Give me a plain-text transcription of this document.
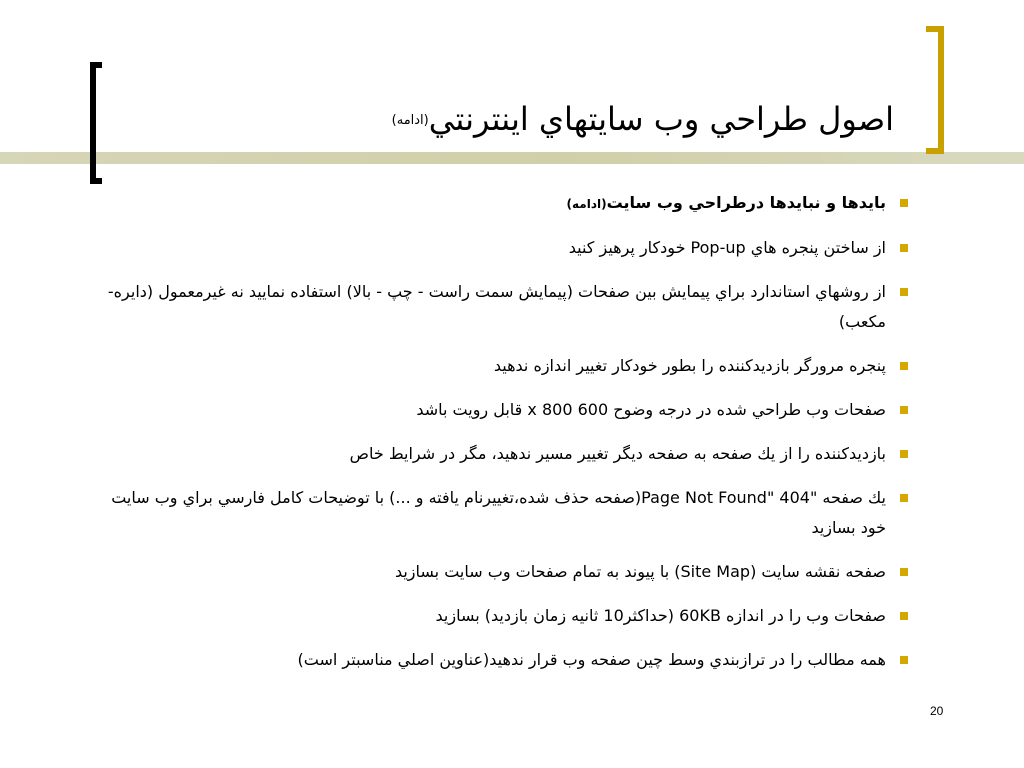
اصول طراحي وب سايتهاي اينترنتي$^{(ادامه)}$
بايدها و نبايدها درطراحي وب سايت(ادامه)
از ساختن پنجره هاي Pop-up خودكار پرهيز كنيد
از روشهاي استاندارد براي پيمايش بين صفحات (پيمايش سمت راست - چپ - بالا) استفاده نماييد نه غيرمعمول (دايره- مكعب)
پنجره مرورگر بازديدكننده را بطور خودكار تغيير اندازه ندهيد
صفحات وب طراحي شده در درجه وضوح 600 x 800 قابل رويت باشد
بازديدكننده را از يك صفحه به صفحه ديگر تغيير مسير ندهيد، مگر در شرايط خاص
يك صفحه "Page Not Found" 404(صفحه حذف شده،تغييرنام يافته و ...) با توضيحات كامل فارسي براي وب سايت خود بسازيد
صفحه نقشه سايت (Site Map) با پيوند به تمام صفحات وب سايت بسازيد
صفحات وب را در اندازه 60KB (حداكثر10 ثانيه زمان بازديد) بسازيد
همه مطالب را در ترازبندي وسط چين صفحه وب قرار ندهيد(عناوين اصلي مناسبتر است)
20
